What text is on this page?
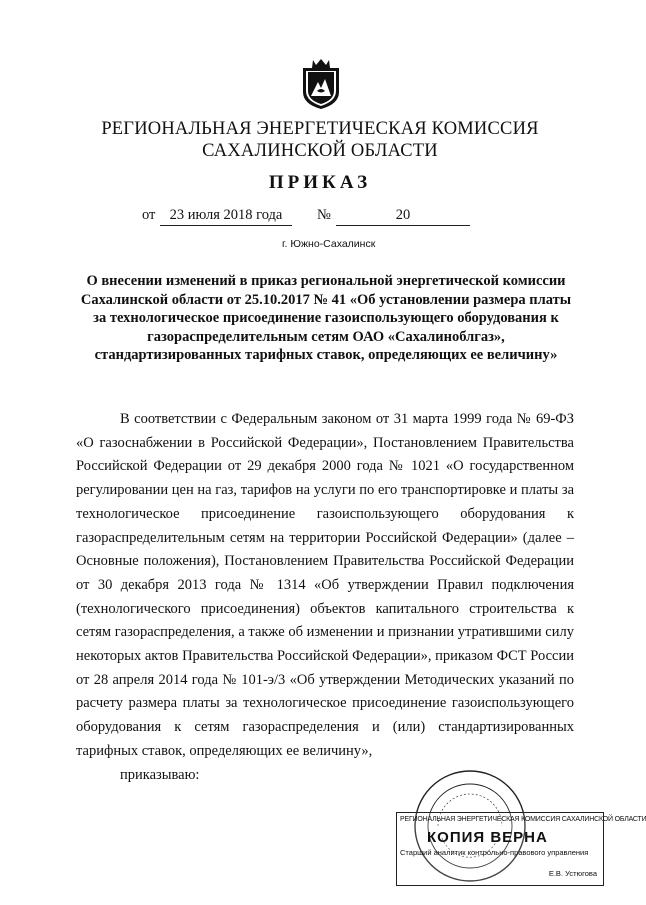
РЕГИОНАЛЬНАЯ ЭНЕРГЕТИЧЕСКАЯ КОМИССИЯ
САХАЛИНСКОЙ ОБЛАСТИ
ПРИКАЗ
от 23 июля 2018 года	№	20
г. Южно-Сахалинск
О внесении изменений в приказ региональной энергетической комиссии Сахалинской области от 25.10.2017 № 41 «Об установлении размера платы за технологическое присоединение газоиспользующего оборудования к газораспределительным сетям ОАО «Сахалиноблгаз», стандартизированных тарифных ставок, определяющих ее величину»

В соответствии с Федеральным законом от 31 марта 1999 года № 69-ФЗ «О газоснабжении в Российской Федерации», Постановлением Правительства Российской Федерации от 29 декабря 2000 года № 1021 «О государственном регулировании цен на газ, тарифов на услуги по его транспортировке и платы за технологическое присоединение газоиспользующего оборудования к газораспределительным сетям на территории Российской Федерации» (далее – Основные положения), Постановлением Правительства Российской Федерации от 30 декабря 2013 года № 1314 «Об утверждении Правил подключения (технологического присоединения) объектов капитального строительства к сетям газораспределения, а также об изменении и признании утратившими силу некоторых актов Правительства Российской Федерации», приказом ФСТ России от 28 апреля 2014 года № 101-э/3 «Об утверждении Методических указаний по расчету размера платы за технологическое присоединение газоиспользующего оборудования к сетям газораспределения и (или) стандартизированных тарифных ставок, определяющих ее величину»,

приказываю:

РЕГИОНАЛЬНАЯ ЭНЕРГЕТИЧЕСКАЯ КОМИССИЯ САХАЛИНСКОЙ ОБЛАСТИ
КОПИЯ ВЕРНА
Старший аналитик контрольно-правового управления
Е.В. Устюгова
